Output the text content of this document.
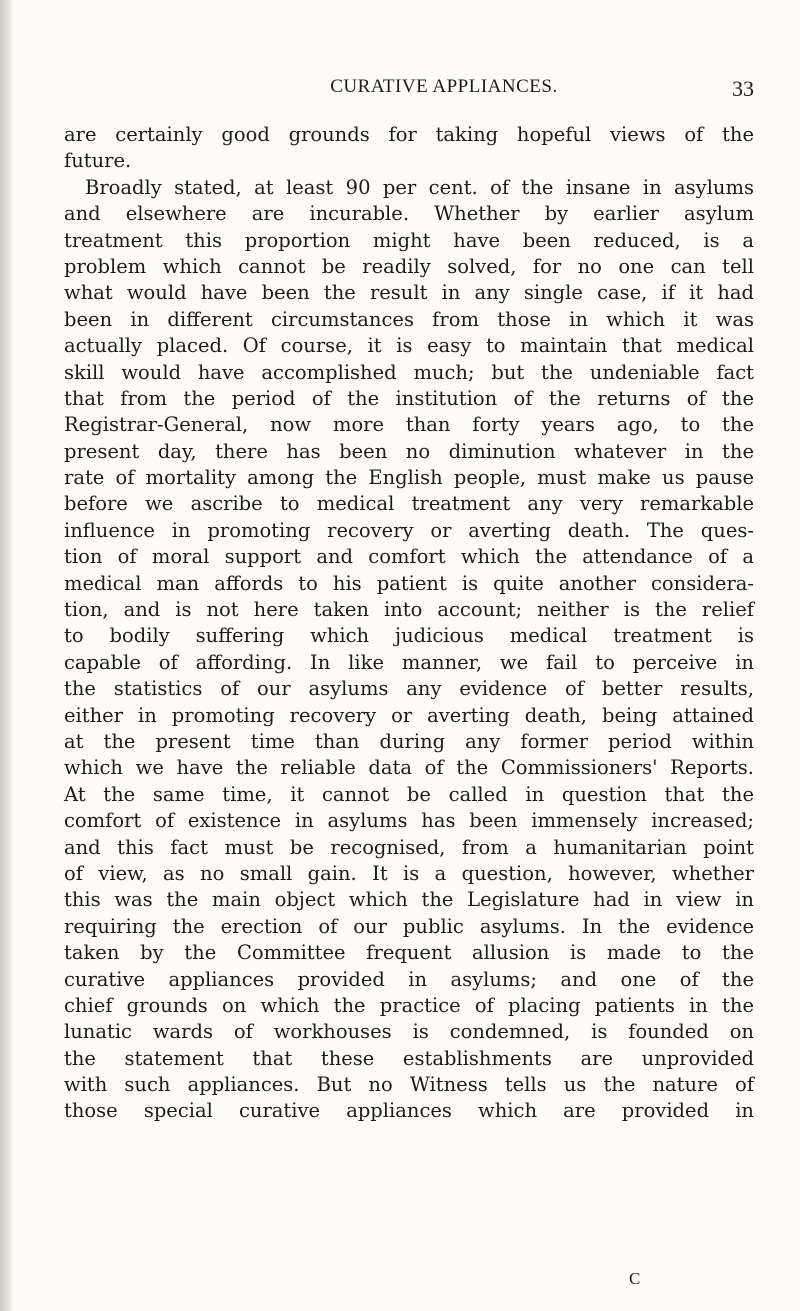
CURATIVE APPLIANCES.	33
are certainly good grounds for taking hopeful views of the
future.
Broadly stated, at least 90 per cent. of the insane in asylums
and elsewhere are incurable. Whether by earlier asylum
treatment this proportion might have been reduced, is a
problem which cannot be readily solved, for no one can tell
what would have been the result in any single case, if it had
been in different circumstances from those in which it was
actually placed. Of course, it is easy to maintain that medical
skill would have accomplished much; but the undeniable fact
that from the period of the institution of the returns of the
Registrar-General, now more than forty years ago, to the
present day, there has been no diminution whatever in the
rate of mortality among the English people, must make us pause
before we ascribe to medical treatment any very remarkable
influence in promoting recovery or averting death. The ques-
tion of moral support and comfort which the attendance of a
medical man affords to his patient is quite another considera-
tion, and is not here taken into account; neither is the relief
to bodily suffering which judicious medical treatment is
capable of affording. In like manner, we fail to perceive in
the statistics of our asylums any evidence of better results,
either in promoting recovery or averting death, being attained
at the present time than during any former period within
which we have the reliable data of the Commissioners' Reports.
At the same time, it cannot be called in question that the
comfort of existence in asylums has been immensely increased;
and this fact must be recognised, from a humanitarian point
of view, as no small gain. It is a question, however, whether
this was the main object which the Legislature had in view in
requiring the erection of our public asylums. In the evidence
taken by the Committee frequent allusion is made to the
curative appliances provided in asylums; and one of the
chief grounds on which the practice of placing patients in the
lunatic wards of workhouses is condemned, is founded on
the statement that these establishments are unprovided
with such appliances. But no Witness tells us the nature of
those special curative appliances which are provided in
C
